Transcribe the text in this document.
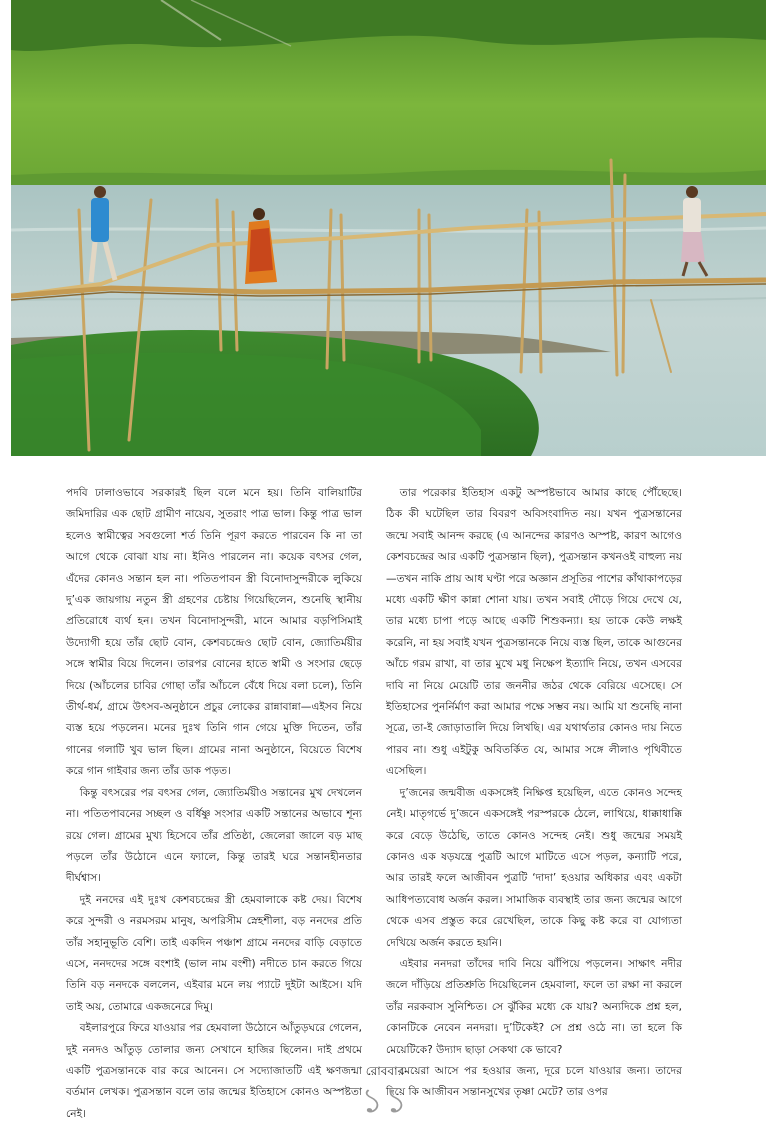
পদবি ঢালাওভাবে সরকারই ছিল বলে মনে হয়। তিনি বালিয়াটির জমিদারির এক ছোট গ্রামীণ নায়েব, সুতরাং পাত্র ভাল। কিন্তু পাত্র ভাল হলেও স্বামীত্বের সবগুলো শর্ত তিনি পূরণ করতে পারবেন কি না তা আগে থেকে বোঝা যায় না। ইনিও পারলেন না। কয়েক বৎসর গেল, এঁদের কোনও সন্তান হল না। পতিতপাবন স্ত্রী বিনোদাসুন্দরীকে লুকিয়ে দু’এক জায়গায় নতুন স্ত্রী গ্রহণের চেষ্টায় গিয়েছিলেন, শুনেছি স্থানীয় প্রতিরোধে ব্যর্থ হন। তখন বিনোদাসুন্দরী, মানে আমার বড়পিসিমাই উদ্যোগী হয়ে তাঁর ছোট বোন, কেশবচন্দ্রেও ছোট বোন, জ্যোতির্ময়ীর সঙ্গে স্বামীর বিয়ে দিলেন। তারপর বোনের হাতে স্বামী ও সংসার ছেড়ে দিয়ে (আঁচলের চাবির গোছা তাঁর আঁচলে বেঁধে দিয়ে বলা চলে), তিনি তীর্থ-ধর্ম, গ্রামে উৎসব-অনুষ্ঠানে প্রচুর লোকের রান্নাবান্না—এইসব নিয়ে ব্যস্ত হয়ে পড়লেন। মনের দুঃখ তিনি গান গেয়ে মুক্তি দিতেন, তাঁর গানের গলাটি খুব ভাল ছিল। গ্রামের নানা অনুষ্ঠানে, বিয়েতে বিশেষ করে গান গাইবার জন্য তাঁর ডাক পড়ত।

কিন্তু বৎসরের পর বৎসর গেল, জ্যোতির্ময়ীও সন্তানের মুখ দেখলেন না। পতিতপাবনের সচ্ছল ও বর্ধিষ্ণু সংসার একটি সন্তানের অভাবে শূন্য রয়ে গেল। গ্রামের মুখ্য হিসেবে তাঁর প্রতিষ্ঠা, জেলেরা জালে বড় মাছ পড়লে তাঁর উঠোনে এনে ফ্যালে, কিন্তু তারই ঘরে সন্তানহীনতার দীর্ঘশ্বাস।

দুই ননদের এই দুঃখ কেশবচন্দ্রের স্ত্রী হেমবালাকে কষ্ট দেয়। বিশেষ করে সুন্দরী ও নরমসরম মানুষ, অপরিসীম স্নেহশীলা, বড় ননদের প্রতি তাঁর সহানুভূতি বেশি। তাই একদিন পঞ্চাশ গ্রামে ননদের বাড়ি বেড়াতে এসে, ননদদের সঙ্গে বংশাই (ভাল নাম বংশী) নদীতে চান করতে গিয়ে তিনি বড় ননদকে বললেন, এইবার মনে লয় প্যাটে দুইটা আইসে। যদি তাই অয়, তোমারে একজনেরে দিমু।

বইলারপুরে ফিরে যাওয়ার পর হেমবালা উঠোনে আঁতুড়ঘরে গেলেন, দুই ননদও আঁতুড় তোলার জন্য সেখানে হাজির ছিলেন। দাই প্রথমে একটি পুত্রসন্তানকে বার করে আনেন। সে সদ্যোজাতটি এই ক্ষণজন্মা বর্তমান লেখক। পুত্রসন্তান বলে তার জন্মের ইতিহাসে কোনও অস্পষ্টতা নেই।

তার পরেকার ইতিহাস একটু অস্পষ্টভাবে আমার কাছে পৌঁছেছে। ঠিক কী ঘটেছিল তার বিবরণ অবিসংবাদিত নয়। যখন পুত্রসন্তানের জন্মে সবাই আনন্দ করছে (এ আনন্দের কারণও অস্পষ্ট, কারণ আগেও কেশবচন্দ্রের আর একটি পুত্রসন্তান ছিল), পুত্রসন্তান কখনওই বাহুল্য নয়—তখন নাকি প্রায় আধ ঘণ্টা পরে অজ্ঞান প্রসূতির পাশের কাঁথাকাপড়ের মধ্যে একটি ক্ষীণ কান্না শোনা যায়। তখন সবাই দৌড়ে গিয়ে দেখে যে, তার মধ্যে চাপা পড়ে আছে একটি শিশুকন্যা। হয় তাকে কেউ লক্ষই করেনি, না হয় সবাই যখন পুত্রসন্তানকে নিয়ে ব্যস্ত ছিল, তাকে আগুনের আঁচে গরম রাখা, বা তার মুখে মধু নিক্ষেপ ইত্যাদি নিয়ে, তখন এসবের দাবি না নিয়ে মেয়েটি তার জননীর জঠর থেকে বেরিয়ে এসেছে। সে ইতিহাসের পুনর্নির্মাণ করা আমার পক্ষে সম্ভব নয়। আমি যা শুনেছি নানা সূত্রে, তা-ই জোড়াতালি দিয়ে লিখছি। এর যথার্থতার কোনও দায় নিতে পারব না। শুধু এইটুকু অবিতর্কিত যে, আমার সঙ্গে লীলাও পৃথিবীতে এসেছিল।

দু’জনের জন্মবীজ একসঙ্গেই নিক্ষিপ্ত হয়েছিল, এতে কোনও সন্দেহ নেই। মাতৃগর্ভে দু’জনে একসঙ্গেই পরস্পরকে ঠেলে, লাথিয়ে, ধাক্কাধাক্কি করে বেড়ে উঠেছি, তাতে কোনও সন্দেহ নেই। শুধু জন্মের সময়ই কোনও এক ষড়যন্ত্রে পুত্রটি আগে মাটিতে এসে পড়ল, কন্যাটি পরে, আর তারই ফলে আজীবন পুত্রটি ‘দাদা’ হওয়ার অধিকার এবং একটা আধিপত্যবোধ অর্জন করল। সামাজিক ব্যবস্থাই তার জন্য জন্মের আগে থেকে এসব প্রস্তুত করে রেখেছিল, তাকে কিছু কষ্ট করে বা যোগ্যতা দেখিয়ে অর্জন করতে হয়নি।

এইবার ননদরা তাঁদের দাবি নিয়ে ঝাঁপিয়ে পড়লেন। সাক্ষাৎ নদীর জলে দাঁড়িয়ে প্রতিশ্রুতি দিয়েছিলেন হেমবালা, ফলে তা রক্ষা না করলে তাঁর নরকবাস সুনিশ্চিত। সে ঝুঁকির মধ্যে কে যায়? অন্যদিকে প্রশ্ন হল, কোনটিকে নেবেন ননদরা। দু’টিকেই? সে প্রশ্ন ওঠে না। তা হলে কি মেয়েটিকে? উদ্যাদ ছাড়া সেকথা কে ভাবে?

মেয়েরা আসে পর হওয়ার জন্য, দূরে চলে যাওয়ার জন্য। তাদের দিয়ে কি আজীবন সন্তানসুখের তৃষ্ণা মেটে? তার ওপর

রোববার
১১
